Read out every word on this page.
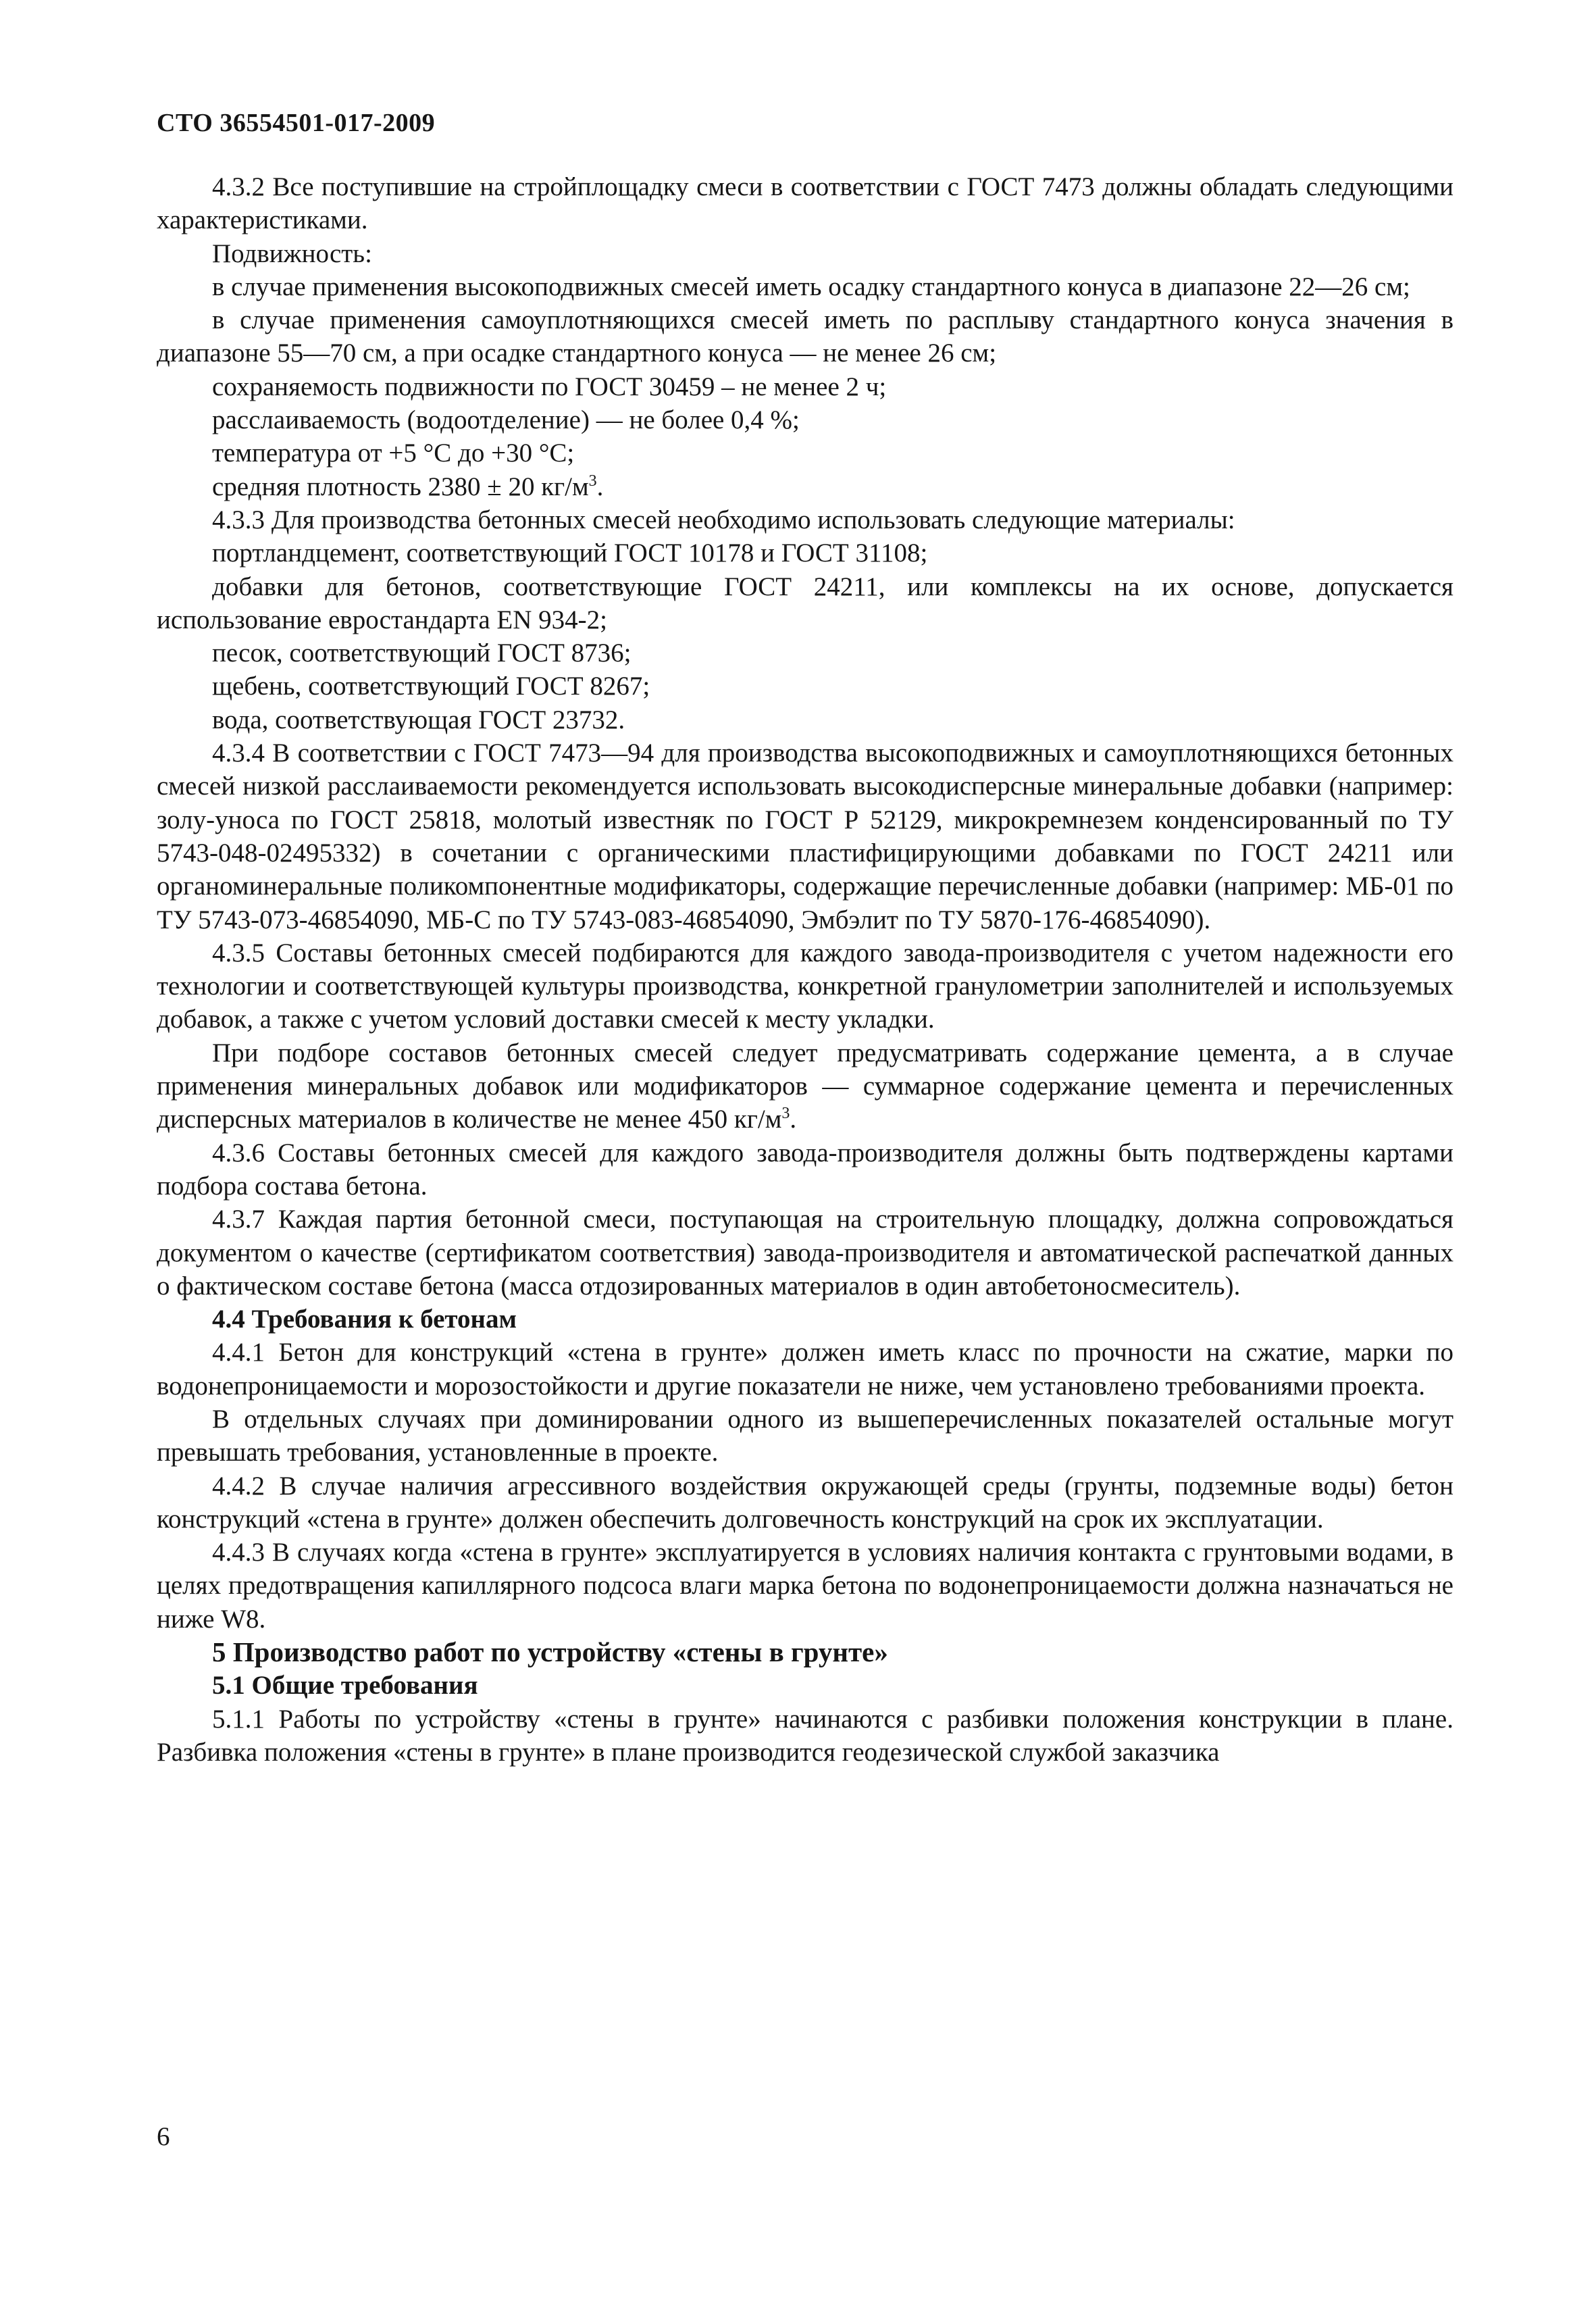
СТО 36554501-017-2009

4.3.2 Все поступившие на стройплощадку смеси в соответствии с ГОСТ 7473 должны обладать следующими характеристиками.

Подвижность:

в случае применения высокоподвижных смесей иметь осадку стандартного конуса в диапазоне 22—26 см;

в случае применения самоуплотняющихся смесей иметь по расплыву стандартного конуса значения в диапазоне 55—70 см, а при осадке стандартного конуса — не менее 26 см;

сохраняемость подвижности по ГОСТ 30459 – не менее 2 ч;

расслаиваемость (водоотделение) — не более 0,4 %;

температура от +5 °С до +30 °С;

средняя плотность 2380 ± 20 $кг/м^3$.

4.3.3 Для производства бетонных смесей необходимо использовать следующие материалы:

портландцемент, соответствующий ГОСТ 10178 и ГОСТ 31108;

добавки для бетонов, соответствующие ГОСТ 24211, или комплексы на их основе, допускается использование евростандарта EN 934-2;

песок, соответствующий ГОСТ 8736;

щебень, соответствующий ГОСТ 8267;

вода, соответствующая ГОСТ 23732.

4.3.4 В соответствии с ГОСТ 7473—94 для производства высокоподвижных и самоуплотняющихся бетонных смесей низкой расслаиваемости рекомендуется использовать высокодисперсные минеральные добавки (например: золу-уноса по ГОСТ 25818, молотый известняк по ГОСТ Р 52129, микрокремнезем конденсированный по ТУ 5743-048-02495332) в сочетании с органическими пластифицирующими добавками по ГОСТ 24211 или органоминеральные поликомпонентные модификаторы, содержащие перечисленные добавки (например: МБ-01 по ТУ 5743-073-46854090, МБ-С по ТУ 5743-083-46854090, Эмбэлит по ТУ 5870-176-46854090).

4.3.5 Составы бетонных смесей подбираются для каждого завода-производителя с учетом надежности его технологии и соответствующей культуры производства, конкретной гранулометрии заполнителей и используемых добавок, а также с учетом условий доставки смесей к месту укладки.

При подборе составов бетонных смесей следует предусматривать содержание цемента, а в случае применения минеральных добавок или модификаторов — суммарное содержание цемента и перечисленных дисперсных материалов в количестве не менее 450 $кг/м^3$.

4.3.6 Составы бетонных смесей для каждого завода-производителя должны быть подтверждены картами подбора состава бетона.

4.3.7 Каждая партия бетонной смеси, поступающая на строительную площадку, должна сопровождаться документом о качестве (сертификатом соответствия) завода-производителя и автоматической распечаткой данных о фактическом составе бетона (масса отдозированных материалов в один автобетоносмеситель).

4.4 Требования к бетонам

4.4.1 Бетон для конструкций «стена в грунте» должен иметь класс по прочности на сжатие, марки по водонепроницаемости и морозостойкости и другие показатели не ниже, чем установлено требованиями проекта.

В отдельных случаях при доминировании одного из вышеперечисленных показателей остальные могут превышать требования, установленные в проекте.

4.4.2 В случае наличия агрессивного воздействия окружающей среды (грунты, подземные воды) бетон конструкций «стена в грунте» должен обеспечить долговечность конструкций на срок их эксплуатации.

4.4.3 В случаях когда «стена в грунте» эксплуатируется в условиях наличия контакта с грунтовыми водами, в целях предотвращения капиллярного подсоса влаги марка бетона по водонепроницаемости должна назначаться не ниже W8.

5 Производство работ по устройству «стены в грунте»

5.1 Общие требования

5.1.1 Работы по устройству «стены в грунте» начинаются с разбивки положения конструкции в плане. Разбивка положения «стены в грунте» в плане производится геодезической службой заказчика

6
